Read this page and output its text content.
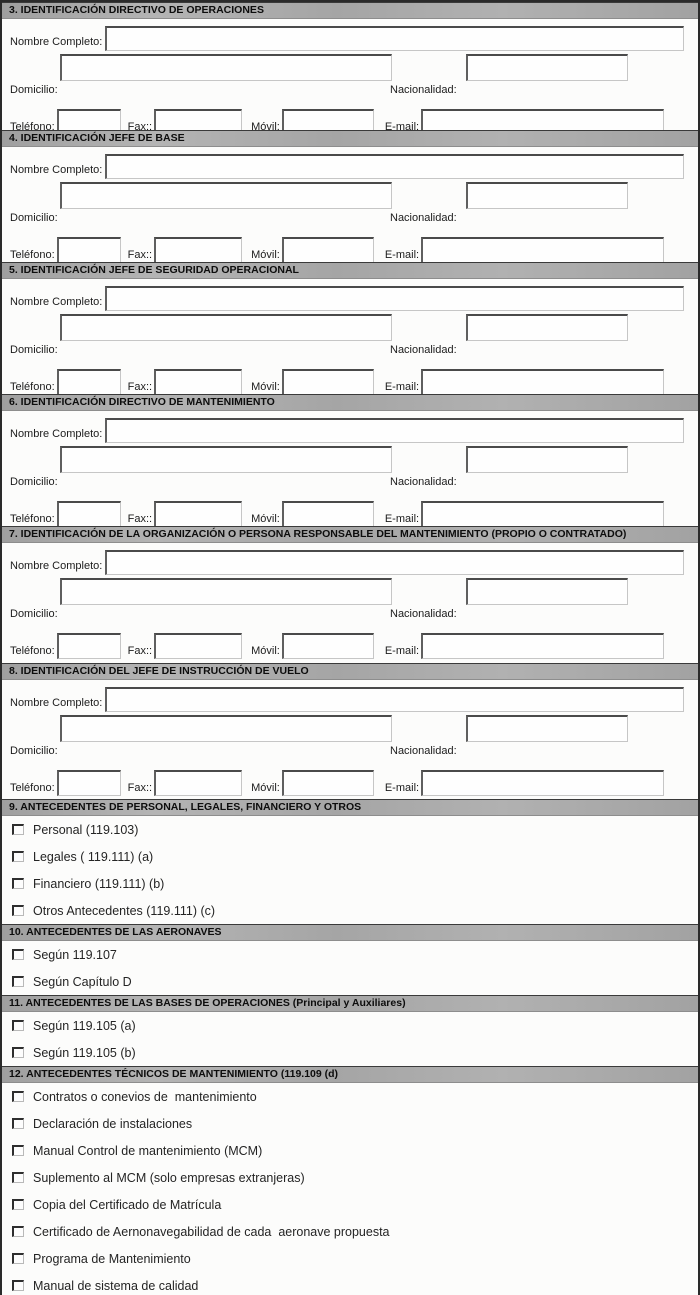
3. IDENTIFICACIÓN DIRECTIVO DE OPERACIONES
Nombre Completo:
Domicilio:	Nacionalidad:
Teléfono:	Fax::	Móvil:	E-mail:
4. IDENTIFICACIÓN JEFE DE BASE
Nombre Completo:
Domicilio:	Nacionalidad:
Teléfono:	Fax::	Móvil:	E-mail:
5. IDENTIFICACIÓN JEFE DE SEGURIDAD OPERACIONAL
Nombre Completo:
Domicilio:	Nacionalidad:
Teléfono:	Fax::	Móvil:	E-mail:
6. IDENTIFICACIÓN DIRECTIVO DE MANTENIMIENTO
Nombre Completo:
Domicilio:	Nacionalidad:
Teléfono:	Fax::	Móvil:	E-mail:
7. IDENTIFICACIÓN DE LA ORGANIZACIÓN O PERSONA RESPONSABLE DEL MANTENIMIENTO (PROPIO O CONTRATADO)
Nombre Completo:
Domicilio:	Nacionalidad:
Teléfono:	Fax::	Móvil:	E-mail:
8. IDENTIFICACIÓN DEL JEFE DE INSTRUCCIÓN DE VUELO
Nombre Completo:
Domicilio:	Nacionalidad:
Teléfono:	Fax::	Móvil:	E-mail:
9. ANTECEDENTES DE PERSONAL, LEGALES, FINANCIERO Y OTROS
Personal (119.103)
Legales ( 119.111) (a)
Financiero (119.111) (b)
Otros Antecedentes (119.111) (c)
10. ANTECEDENTES DE LAS AERONAVES
Según 119.107
Según Capítulo D
11. ANTECEDENTES DE LAS BASES DE OPERACIONES (Principal y Auxiliares)
Según 119.105 (a)
Según 119.105 (b)
12. ANTECEDENTES TÉCNICOS DE MANTENIMIENTO (119.109 (d)
Contratos o conevios de  mantenimiento
Declaración de instalaciones
Manual Control de mantenimiento (MCM)
Suplemento al MCM (solo empresas extranjeras)
Copia del Certificado de Matrícula
Certificado de Aernonavegabilidad de cada  aeronave propuesta
Programa de Mantenimiento
Manual de sistema de calidad
